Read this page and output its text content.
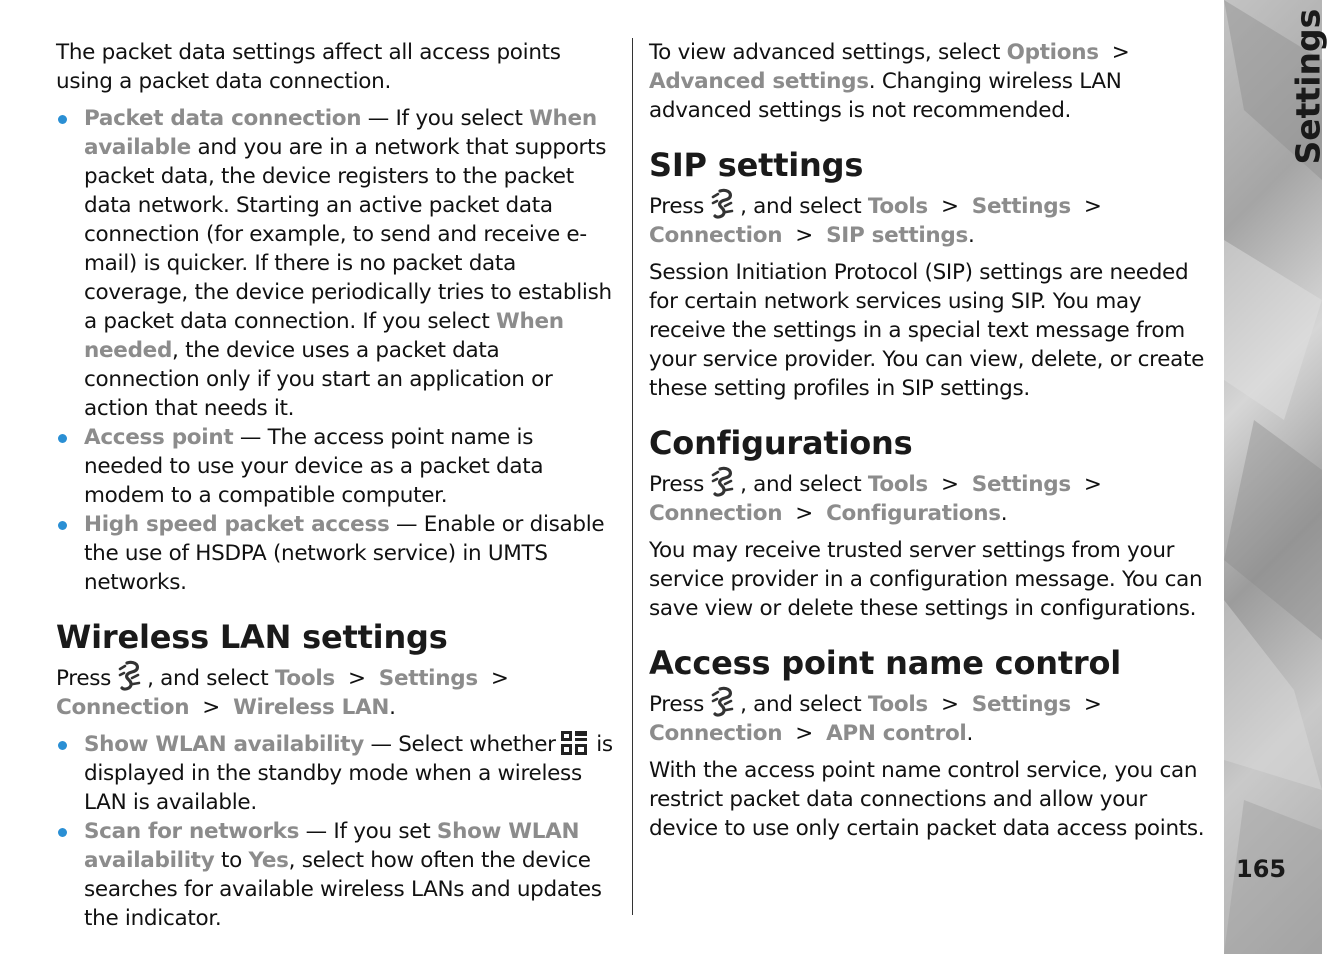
The packet data settings affect all access points using a packet data connection.

Packet data connection — If you select When available and you are in a network that supports packet data, the device registers to the packet data network. Starting an active packet data connection (for example, to send and receive e-mail) is quicker. If there is no packet data coverage, the device periodically tries to establish a packet data connection. If you select When needed, the device uses a packet data connection only if you start an application or action that needs it.
Access point — The access point name is needed to use your device as a packet data modem to a compatible computer.
High speed packet access — Enable or disable the use of HSDPA (network service) in UMTS networks.
Wireless LAN settings

Press , and select Tools  >  Settings  >
Connection  >  Wireless LAN.

Show WLAN availability — Select whether is displayed in the standby mode when a wireless LAN is available.
Scan for networks — If you set Show WLAN availability to Yes, select how often the device searches for available wireless LANs and updates the indicator.

To view advanced settings, select Options  >
Advanced settings. Changing wireless LAN advanced settings is not recommended.

SIP settings

Press , and select Tools  >  Settings  >
Connection  >  SIP settings.

Session Initiation Protocol (SIP) settings are needed for certain network services using SIP. You may receive the settings in a special text message from your service provider. You can view, delete, or create these setting profiles in SIP settings.

Configurations

Press , and select Tools  >  Settings  >
Connection  >  Configurations.

You may receive trusted server settings from your service provider in a configuration message. You can save view or delete these settings in configurations.

Access point name control

Press , and select Tools  >  Settings  >
Connection  >  APN control.

With the access point name control service, you can restrict packet data connections and allow your device to use only certain packet data access points.

Settings
165
